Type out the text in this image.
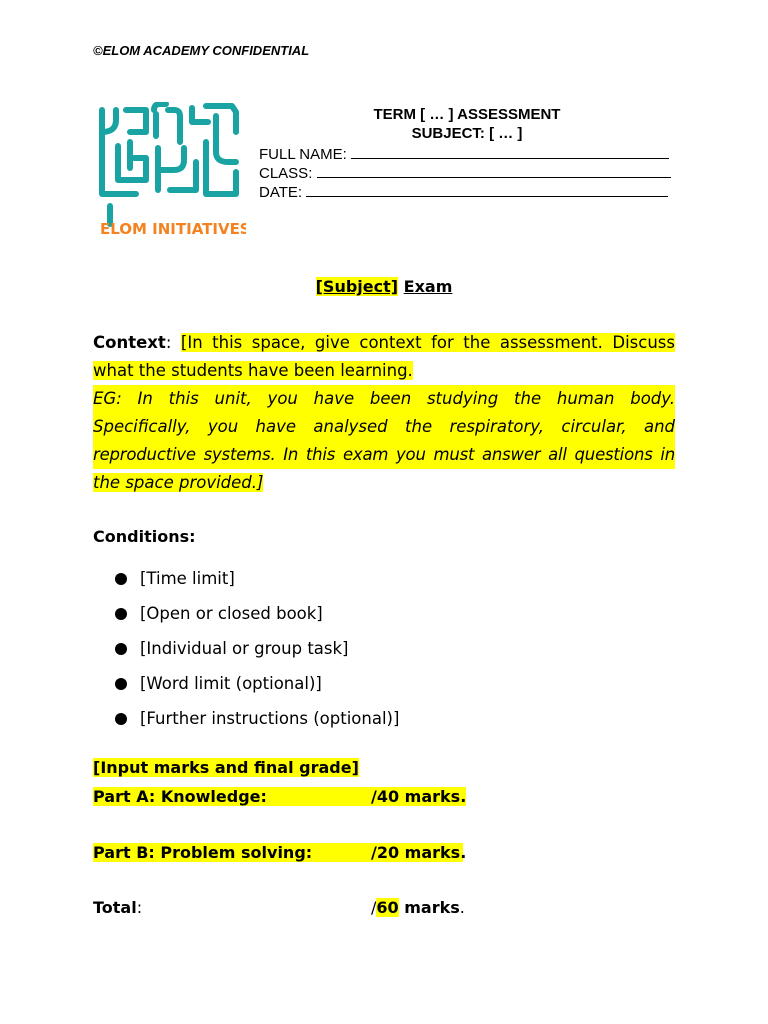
©ELOM ACADEMY CONFIDENTIAL
ELOM INITIATIVES
TERM [ … ] ASSESSMENT
SUBJECT: [ … ]
FULL NAME:
CLASS:
DATE:
[Subject] Exam
Context: [In this space, give context for the assessment. Discuss
what the students have been learning.
EG: In this unit, you have been studying the human body.
Specifically, you have analysed the respiratory, circular, and
reproductive systems. In this exam you must answer all questions in
the space provided.]
Conditions:
[Time limit]
[Open or closed book]
[Individual or group task]
[Word limit (optional)]
[Further instructions (optional)]
[Input marks and final grade]
Part A: Knowledge:	/40 marks.
Part B: Problem solving:	/20 marks.
Total:	/60 marks.
